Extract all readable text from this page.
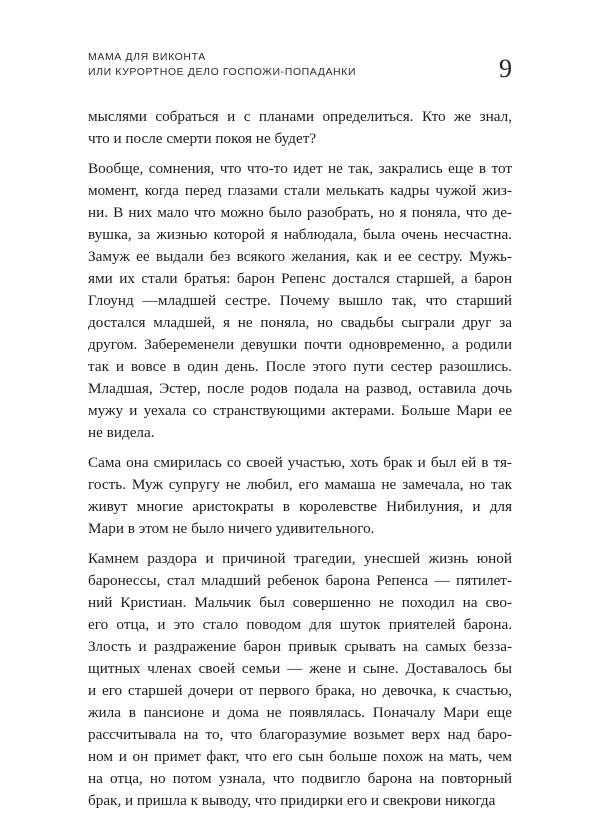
МАМА ДЛЯ ВИКОНТА
ИЛИ КУРОРТНОЕ ДЕЛО ГОСПОЖИ-ПОПАДАНКИ	9

мыслями собраться и с планами определиться. Кто же знал,
что и после смерти покоя не будет?

Вообще, сомнения, что что-то идет не так, закрались еще в тот
момент, когда перед глазами стали мелькать кадры чужой жиз-
ни. В них мало что можно было разобрать, но я поняла, что де-
вушка, за жизнью которой я наблюдала, была очень несчастна.
Замуж ее выдали без всякого желания, как и ее сестру. Мужь-
ями их стали братья: барон Репенс достался старшей, а барон
Глоунд —младшей сестре. Почему вышло так, что старший
достался младшей, я не поняла, но свадьбы сыграли друг за
другом. Забеременели девушки почти одновременно, а родили
так и вовсе в один день. После этого пути сестер разошлись.
Младшая, Эстер, после родов подала на развод, оставила дочь
мужу и уехала со странствующими актерами. Больше Мари ее
не видела.

Сама она смирилась со своей участью, хоть брак и был ей в тя-
гость. Муж супругу не любил, его мамаша не замечала, но так
живут многие аристократы в королевстве Нибилуния, и для
Мари в этом не было ничего удивительного.

Камнем раздора и причиной трагедии, унесшей жизнь юной
баронессы, стал младший ребенок барона Репенса — пятилет-
ний Кристиан. Мальчик был совершенно не походил на сво-
его отца, и это стало поводом для шуток приятелей барона.
Злость и раздражение барон привык срывать на самых безза-
щитных членах своей семьи — жене и сыне. Доставалось бы
и его старшей дочери от первого брака, но девочка, к счастью,
жила в пансионе и дома не появлялась. Поначалу Мари еще
рассчитывала на то, что благоразумие возьмет верх над баро-
ном и он примет факт, что его сын больше похож на мать, чем
на отца, но потом узнала, что подвигло барона на повторный
брак, и пришла к выводу, что придирки его и свекрови никогда
